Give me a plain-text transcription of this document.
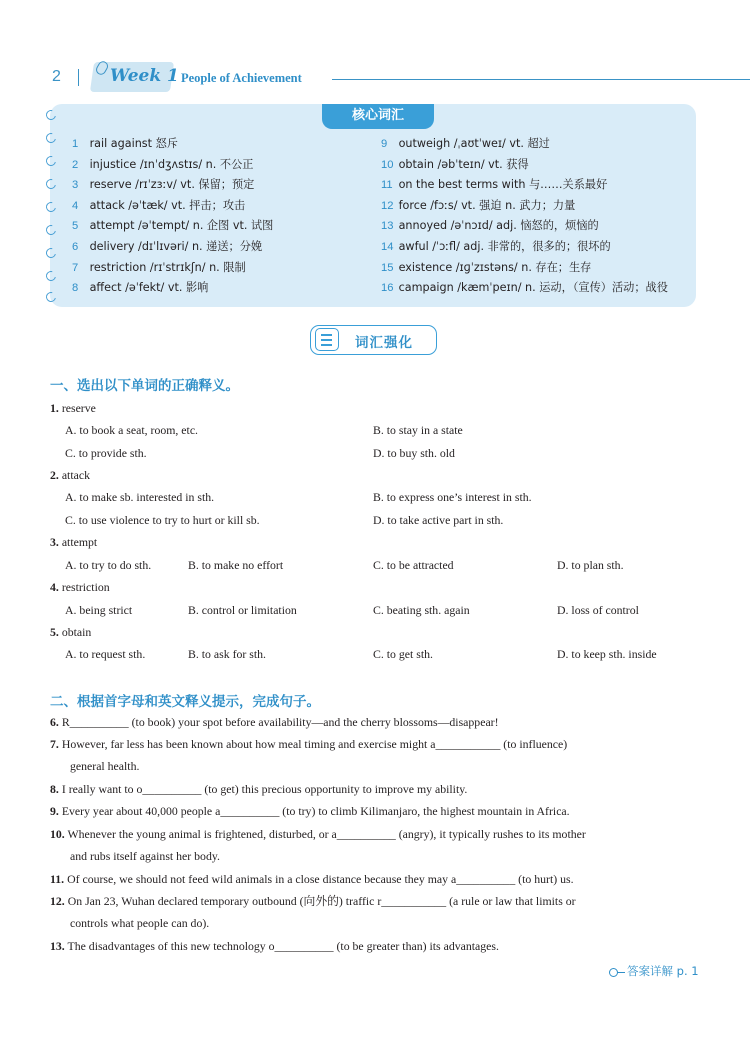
2	Week 1 People of Achievement
核心词汇
1 rail against 怒斥
2 injustice /ɪnˈdʒʌstɪs/ n. 不公正
3 reserve /rɪˈzɜːv/ vt. 保留；预定
4 attack /əˈtæk/ vt. 抨击；攻击
5 attempt /əˈtempt/ n. 企图 vt. 试图
6 delivery /dɪˈlɪvəri/ n. 递送；分娩
7 restriction /rɪˈstrɪkʃn/ n. 限制
8 affect /əˈfekt/ vt. 影响
9 outweigh /ˌaʊtˈweɪ/ vt. 超过
10 obtain /əbˈteɪn/ vt. 获得
11 on the best terms with 与……关系最好
12 force /fɔːs/ vt. 强迫 n. 武力；力量
13 annoyed /əˈnɔɪd/ adj. 恼怒的，烦恼的
14 awful /ˈɔːfl/ adj. 非常的，很多的；很坏的
15 existence /ɪɡˈzɪstəns/ n. 存在；生存
16 campaign /kæmˈpeɪn/ n. 运动，（宣传）活动；战役
词汇强化
一、选出以下单词的正确释义。
1. reserve
A. to book a seat, room, etc.	B. to stay in a state
C. to provide sth.	D. to buy sth. old
2. attack
A. to make sb. interested in sth.	B. to express one’s interest in sth.
C. to use violence to try to hurt or kill sb.	D. to take active part in sth.
3. attempt
A. to try to do sth.	B. to make no effort	C. to be attracted	D. to plan sth.
4. restriction
A. being strict	B. control or limitation	C. beating sth. again	D. loss of control
5. obtain
A. to request sth.	B. to ask for sth.	C. to get sth.	D. to keep sth. inside
二、根据首字母和英文释义提示，完成句子。
6. R__________ (to book) your spot before availability—and the cherry blossoms—disappear!
7. However, far less has been known about how meal timing and exercise might a___________ (to influence)
general health.
8. I really want to o__________ (to get) this precious opportunity to improve my ability.
9. Every year about 40,000 people a__________ (to try) to climb Kilimanjaro, the highest mountain in Africa.
10. Whenever the young animal is frightened, disturbed, or a__________ (angry), it typically rushes to its mother
and rubs itself against her body.
11. Of course, we should not feed wild animals in a close distance because they may a__________ (to hurt) us.
12. On Jan 23, Wuhan declared temporary outbound (向外的) traffic r___________ (a rule or law that limits or
controls what people can do).
13. The disadvantages of this new technology o__________ (to be greater than) its advantages.
答案详解 p. 1
